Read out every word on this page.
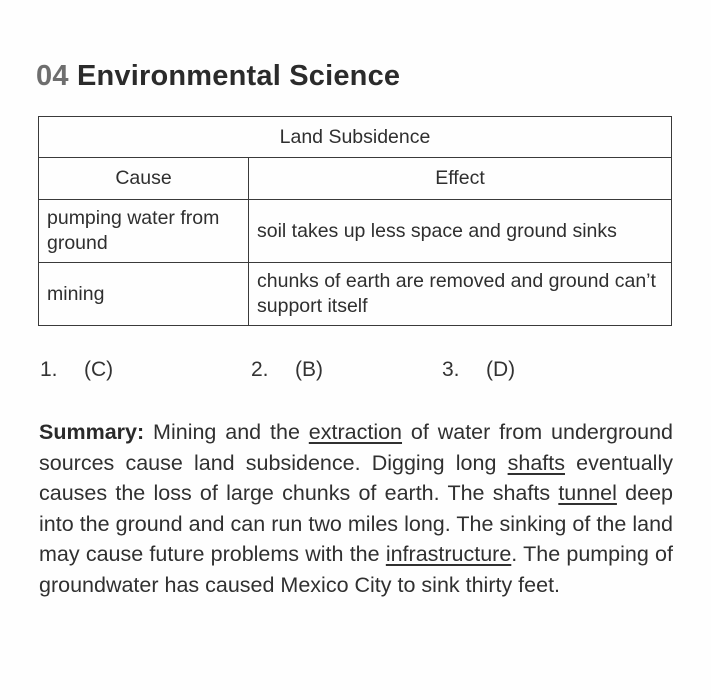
04 Environmental Science
Land Subsidence	
Cause	Effect
pumping water from ground	soil takes up less space and ground sinks
mining	chunks of earth are removed and ground can’t support itself
1. (C)	2. (B)	3. (D)
Summary: Mining and the extraction of water from underground sources cause land subsidence. Digging long shafts eventually causes the loss of large chunks of earth. The shafts tunnel deep into the ground and can run two miles long. The sinking of the land may cause future problems with the infrastructure. The pumping of groundwater has caused Mexico City to sink thirty feet.
